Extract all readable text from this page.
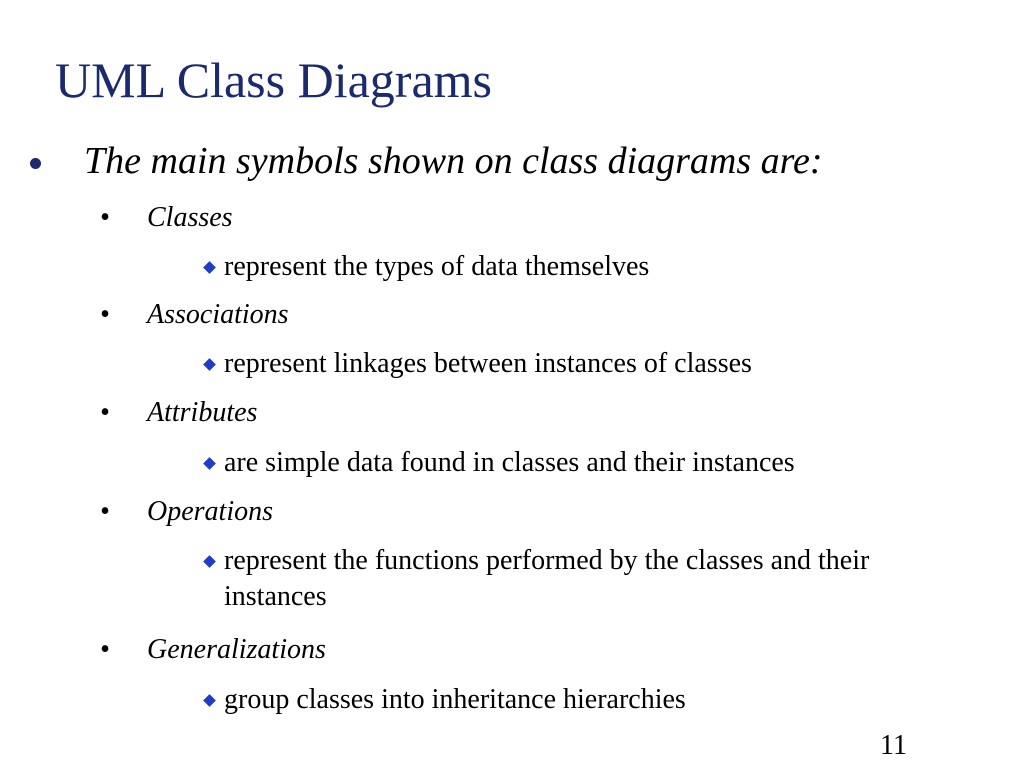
UML Class Diagrams
The main symbols shown on class diagrams are:
• Classes
represent the types of data themselves
• Associations
represent linkages between instances of classes
• Attributes
are simple data found in classes and their instances
• Operations
represent the functions performed by the classes and their instances
• Generalizations
group classes into inheritance hierarchies
11
